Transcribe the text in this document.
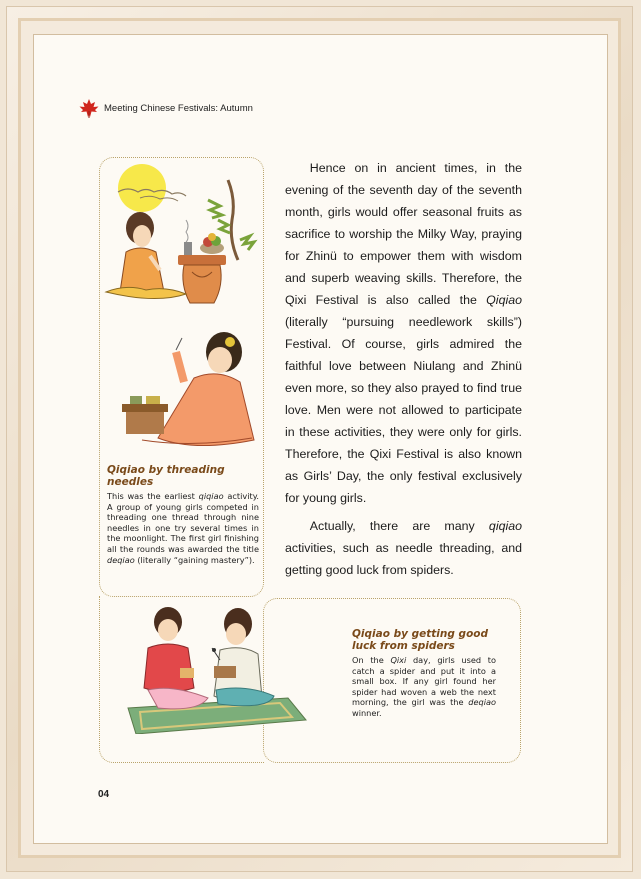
Meeting Chinese Festivals: Autumn

Hence on in ancient times, in the evening of the seventh day of the seventh month, girls would offer seasonal fruits as sacrifice to worship the Milky Way, praying for Zhinü to empower them with wisdom and superb weaving skills. Therefore, the Qixi Festival is also called the Qiqiao (literally “pursuing needlework skills”) Festival. Of course, girls admired the faithful love between Niulang and Zhinü even more, so they also prayed to find true love. Men were not allowed to participate in these activities, they were only for girls. Therefore, the Qixi Festival is also known as Girls’ Day, the only festival exclusively for young girls.

Actually, there are many qiqiao activities, such as needle threading, and getting good luck from spiders.

Qiqiao by threading needles
This was the earliest qiqiao activity. A group of young girls competed in threading one thread through nine needles in one try several times in the moonlight. The first girl finishing all the rounds was awarded the title deqiao (literally “gaining mastery”).
Qiqiao by getting good luck from spiders
On the Qixi day, girls used to catch a spider and put it into a small box. If any girl found her spider had woven a web the next morning, the girl was the deqiao winner.
04
